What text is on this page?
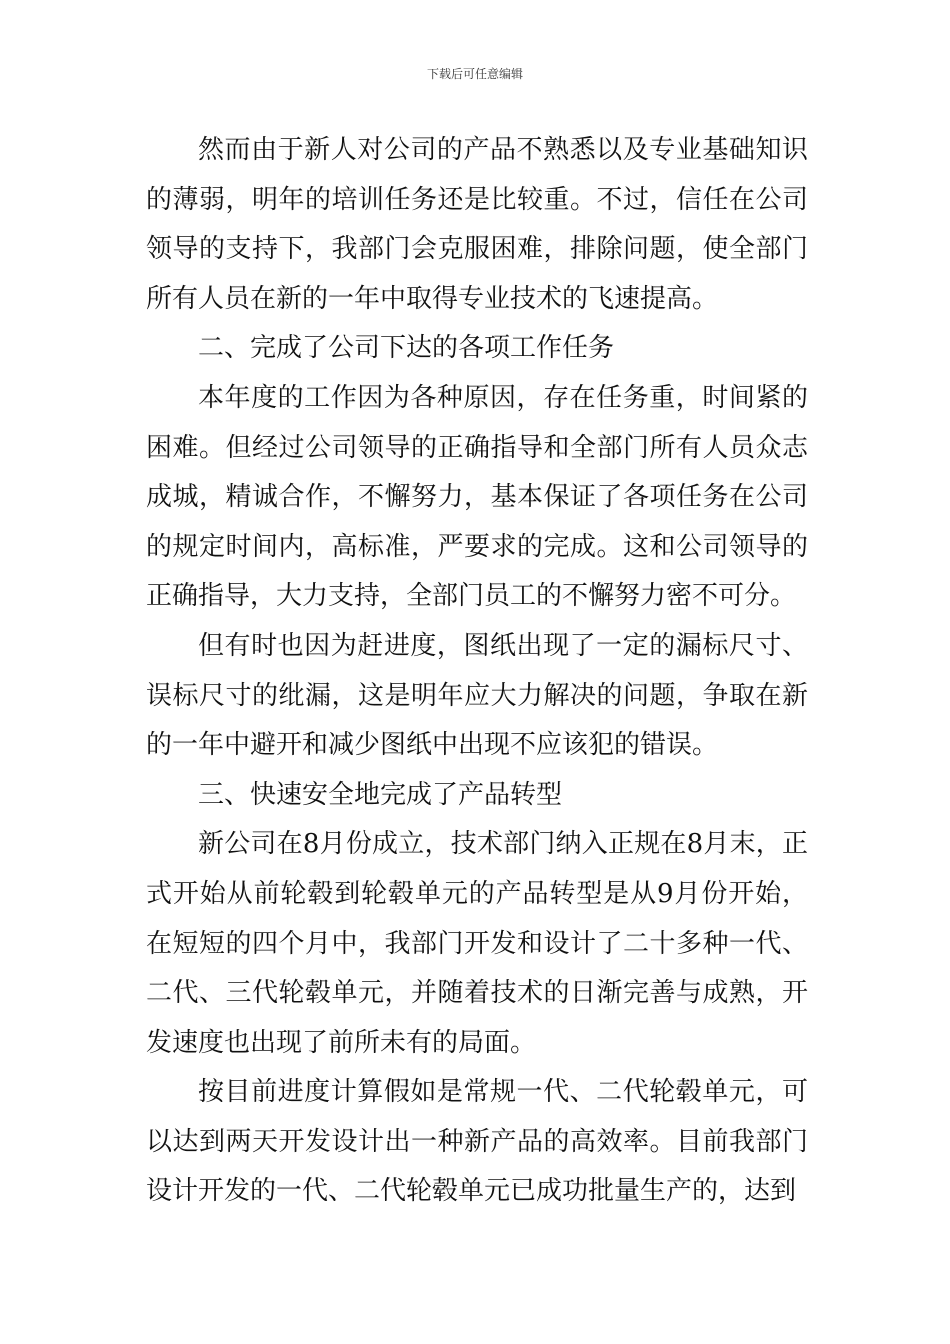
下载后可任意编辑

然而由于新人对公司的产品不熟悉以及专业基础知识的薄弱，明年的培训任务还是比较重。不过，信任在公司领导的支持下，我部门会克服困难，排除问题，使全部门所有人员在新的一年中取得专业技术的飞速提高。

二、完成了公司下达的各项工作任务

本年度的工作因为各种原因，存在任务重，时间紧的困难。但经过公司领导的正确指导和全部门所有人员众志成城，精诚合作，不懈努力，基本保证了各项任务在公司的规定时间内，高标准，严要求的完成。这和公司领导的正确指导，大力支持，全部门员工的不懈努力密不可分。

但有时也因为赶进度，图纸出现了一定的漏标尺寸、误标尺寸的纰漏，这是明年应大力解决的问题，争取在新的一年中避开和减少图纸中出现不应该犯的错误。

三、快速安全地完成了产品转型

新公司在8月份成立，技术部门纳入正规在8月末，正式开始从前轮毂到轮毂单元的产品转型是从9月份开始，在短短的四个月中，我部门开发和设计了二十多种一代、二代、三代轮毂单元，并随着技术的日渐完善与成熟，开发速度也出现了前所未有的局面。

按目前进度计算假如是常规一代、二代轮毂单元，可以达到两天开发设计出一种新产品的高效率。目前我部门设计开发的一代、二代轮毂单元已成功批量生产的，达到
